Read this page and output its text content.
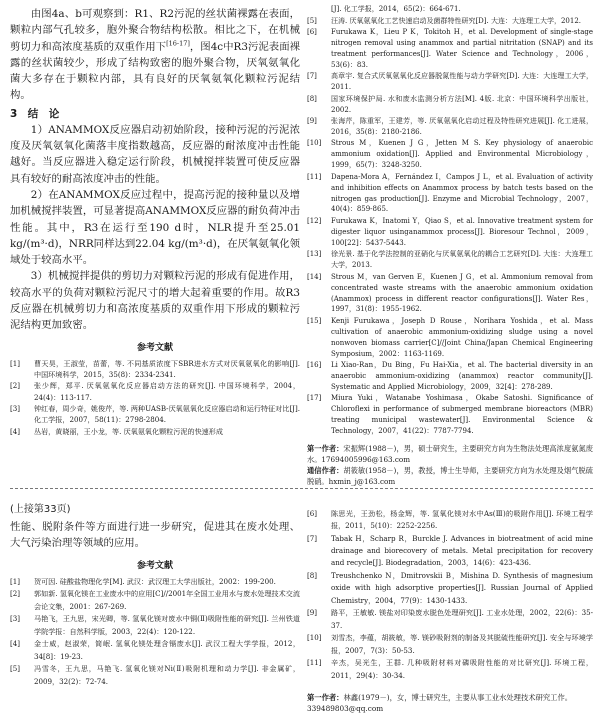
由图4a、b可观察到：R1、R2污泥的丝状菌裸露在表面，颗粒内部气孔较多，胞外聚合物结构松散。相比之下，在机械剪切力和高浓度基质的双重作用下[16-17]，图4c中R3污泥表面裸露的丝状菌较少，形成了结构致密的胞外聚合物，厌氧氨氧化菌大多存在于颗粒内部，具有良好的厌氧氨氧化颗粒污泥结构。

3　结　论

1）ANAMMOX反应器启动初始阶段，接种污泥的污泥浓度及厌氧氨氧化菌落丰度指数越高，反应器的耐浓度冲击性能越好。当反应器进入稳定运行阶段，机械搅拌装置可使反应器具有较好的耐高浓度冲击的性能。

2）在ANAMMOX反应过程中，提高污泥的接种量以及增加机械搅拌装置，可显著提高ANAMMOX反应器的耐负荷冲击性能。其中，R3在运行至190 d时，NLR提升至25.01 kg/(m³·d)，NRR同样达到22.04 kg/(m³·d)，在厌氧氨氧化领域处于较高水平。

3）机械搅拌提供的剪切力对颗粒污泥的形成有促进作用，较高水平的负荷对颗粒污泥尺寸的增大起着重要的作用。故R3反应器在机械剪切力和高浓度基质的双重作用下形成的颗粒污泥结构更加致密。

参考文献
[1]	曹天昊，王淑莹，苗蕾，等. 不同基质浓度下SBR进水方式对厌氧氨氧化的影响[J]. 中国环境科学，2015，35(8)：2334-2341.
[2]	张少辉，郑平. 厌氧氨氧化反应器启动方法的研究[J]. 中国环境科学，2004，24(4)：113-117.
[3]	钟红春，周少奇，姚俊芹，等. 两种UASB-厌氧氨氧化反应器启动和运行特征对比[J]. 化工学报，2007，58(11)：2798-2804.
[4]	丛岩，黄晓丽，王小龙，等. 厌氧氨氧化颗粒污泥的快速形成
[J]. 化工学报，2014，65(2)：664-671.
[5]	汪涛. 厌氧氨氧化工艺快速启动及菌群特性研究[D]. 大连：大连理工大学，2012.
[6]	Furukawa K，Lieu P K，Tokitoh H，et al. Development of single-stage nitrogen removal using anammox and partial nitritation (SNAP) and its treatment performances[J]. Water Science and Technology，2006，53(6)：83.
[7]	高章宇. 复合式厌氧氨氧化反应器脱氮性能与动力学研究[D]. 大连：大连理工大学，2011.
[8]	国家环境保护局. 水和废水监测分析方法[M]. 4版. 北京：中国环境科学出版社，2002.
[9]	张海芹，陈重军，王建芳，等. 厌氧氨氧化启动过程及特性研究进展[J]. 化工进展，2016，35(8)：2180-2186.
[10]	Strous M，Kuenen J G，Jetten M S. Key physiology of anaerobic ammonium oxidation[J]. Applied and Environmental Microbiology，1999，65(7)：3248-3250.
[11]	Dapena-Mora A，Fernández I，Campos J L，et al. Evaluation of activity and inhibition effects on Anammox process by batch tests based on the nitrogen gas production[J]. Enzyme and Microbial Technology，2007，40(4)：859-865.
[12]	Furukawa K，Inatomi Y，Qiao S，et al. Innovative treatment system for digester liquor usinganammox process[J]. Bioresour Technol，2009，100[22]：5437-5443.
[13]	徐光景. 基于化学法控制的亚硝化与厌氧氨氧化的耦合工艺研究[D]. 大连：大连理工大学，2013.
[14]	Strous M，van Gerven E，Kuenen J G，et al. Ammonium removal from concentrated waste streams with the anaerobic ammonium oxidation (Anammox) process in different reactor configurations[J]. Water Res，1997，31(8)：1955-1962.
[15]	Kenji Furukawa，Joseph D Rouse，Norihara Yoshida，et al. Mass cultivation of anaerobic ammonium-oxidizing sludge using a novel nonwoven biomass carrier[C]//Joint China/Japan Chemical Engineering Symposium，2002：1163-1169.
[16]	Li Xiao-Ran，Du Bing，Fu Hai-Xia，et al. The bacterial diversity in an anaerobic ammonium-oxidizing (anammox) reactor community[J]. Systematic and Applied Microbiology，2009，32[4]：278-289.
[17]	Miura Yuki，Watanabe Yoshimasa，Okabe Satoshi. Significance of Chloroflexi in performance of submerged membrane bioreactors (MBR) treating municipal wastewater[J]. Environmental Science & Technology，2007，41(22)：7787-7794.
第一作者：宋振辉(1988－)，男，硕士研究生，主要研究方向为生物法处理高浓度氨氮废水。17694005996@163.com
通信作者：胡筱敏(1958－)，男，教授，博士生导师，主要研究方向为水处理及烟气脱硫脱硝。hxmin_j@163.com
(上接第33页)

性能、脱附条件等方面进行进一步研究，促进其在废水处理、大气污染治理等领域的应用。

参考文献
[1]	贺可因. 硅酸盐物理化学[M]. 武汉：武汉理工大学出版社，2002：199-200.
[2]	郭如新. 氢氧化镁在工业废水中的应用[C]//2001年全国工业用水与废水处理技术交流会论文集，2001：267-269.
[3]	马艳飞，王九思，宋光卿，等. 氢氧化镁对废水中铜(Ⅱ)吸附性能的研究[J]. 兰州铁道学院学报：自然科学版，2003，22(4)：120-122.
[4]	金士威，赵淑荣，简岷. 氢氧化镁处理含镉废水[J]. 武汉工程大学学报，2012，34[8]：19-23.
[5]	冯雪冬，王九思，马艳飞. 氢氧化镁对Ni(Ⅱ)吸附机理和动力学[J]. 非金属矿，2009，32(2)：72-74.
[6]	陈思光，王劲松，杨金辉，等. 氢氧化镁对水中As(Ⅲ)的吸附作用[J]. 环境工程学报，2011，5(10)：2252-2256.
[7]	Tabak H，Scharp R，Burckle J. Advances in biotreatment of acid mine drainage and biorecovery of metals. Metal precipitation for recovery and recycle[J]. Biodegradation，2003，14(6)：423-436.
[8]	Treushchenko N，Dmitrovskii B，Mishina D. Synthesis of magnesium oxide with high adsorptive properties[J]. Russian Journal of Applied Chemistry，2004，77(9)：1430-1433.
[9]	路平，王敏敏. 镁盐对印染废水脱色处理研究[J]. 工业水处理，2002，22(6)：35-37.
[10]	刘雪杰，李蕴，胡筱敏，等. 镁砂吸附剂的制备及其脱硫性能研究[J]. 安全与环境学报，2007，7(3)：50-53.
[11]	辛杰，吴光生，王群. 几种吸附材料对磷吸附性能的对比研究[J]. 环境工程，2011，29(4)：30-34.
第一作者：林鑫(1979－)，女，博士研究生，主要从事工业水处理技术研究工作。339489803@qq.com
